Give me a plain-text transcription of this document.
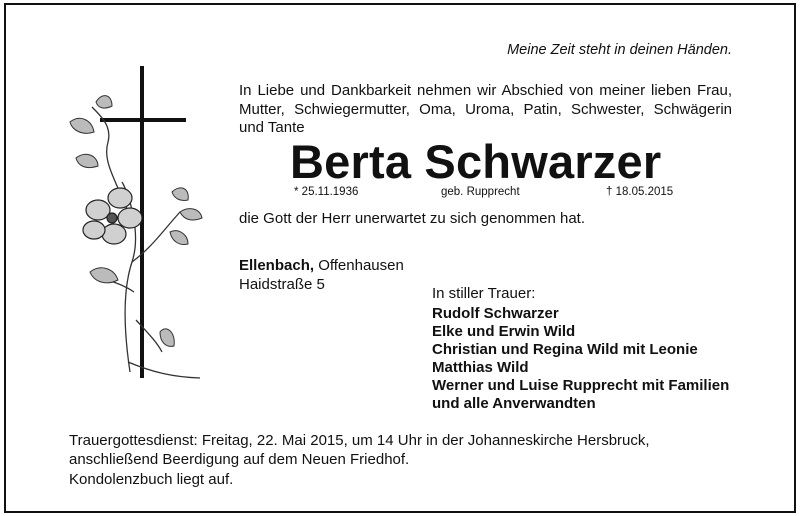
Meine Zeit steht in deinen Händen.
In Liebe und Dankbarkeit nehmen wir Abschied von meiner lieben Frau,
Mutter, Schwiegermutter, Oma, Uroma, Patin, Schwester, Schwägerin
und Tante
Berta Schwarzer
* 25.11.1936	geb. Rupprecht	† 18.05.2015
die Gott der Herr unerwartet zu sich genommen hat.
Ellenbach, Offenhausen
Haidstraße 5
In stiller Trauer:
Rudolf Schwarzer
Elke und Erwin Wild
Christian und Regina Wild mit Leonie
Matthias Wild
Werner und Luise Rupprecht mit Familien
und alle Anverwandten
Trauergottesdienst: Freitag, 22. Mai 2015, um 14 Uhr in der Johanneskirche Hersbruck,
anschließend Beerdigung auf dem Neuen Friedhof.
Kondolenzbuch liegt auf.
